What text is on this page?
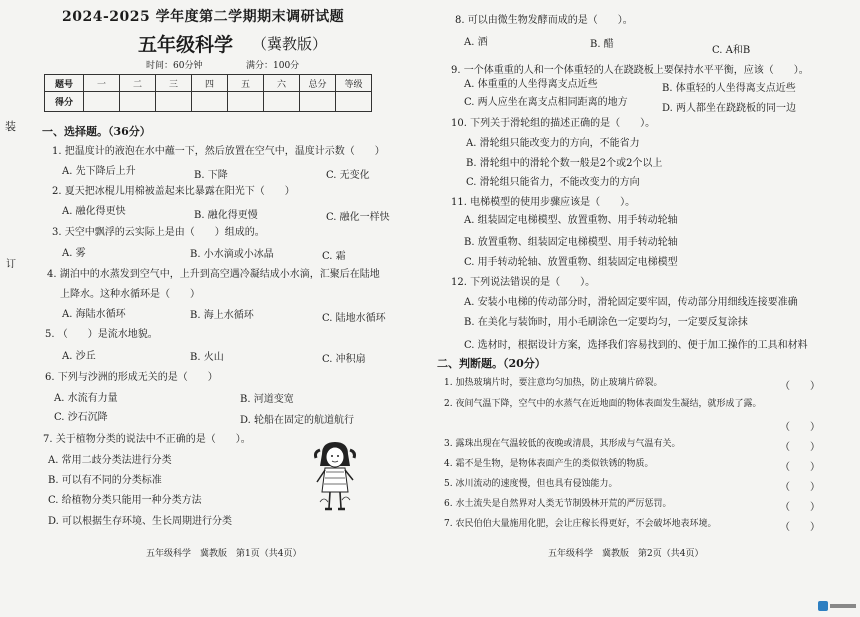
2024-2025 学年度第二学期期末调研试题
五年级科学 （冀教版）
时间：60分钟	满分：100分
题号	一	二	三	四	五	六	总分	等级
得分								
装
订
一、选择题。（36分）
1. 把温度计的液泡在水中蘸一下，然后放置在空气中，温度计示数（　　）
A. 先下降后上升	B. 下降	C. 无变化
2. 夏天把冰棍儿用棉被盖起来比暴露在阳光下（　　）
A. 融化得更快	B. 融化得更慢	C. 融化一样快
3. 天空中飘浮的云实际上是由（　　）组成的。
A. 雾	B. 小水滴或小冰晶	C. 霜
4. 湖泊中的水蒸发到空气中，上升到高空遇冷凝结成小水滴，汇聚后在陆地
上降水。这种水循环是（　　）
A. 海陆水循环	B. 海上水循环	C. 陆地水循环
5. （　　）是流水地貌。
A. 沙丘	B. 火山	C. 冲积扇
6. 下列与沙洲的形成无关的是（　　）
A. 水流有力量	B. 河道变宽
C. 沙石沉降	D. 轮船在固定的航道航行
7. 关于植物分类的说法中不正确的是（　　）。
A. 常用二歧分类法进行分类
B. 可以有不同的分类标准
C. 给植物分类只能用一种分类方法
D. 可以根据生存环境、生长周期进行分类
五年级科学　冀教版　第1页（共4页）
8. 可以由微生物发酵而成的是（　　）。
A. 酒	B. 醋
C. A和B
9. 一个体重重的人和一个体重轻的人在跷跷板上要保持水平平衡，应该（　　）。
A. 体重重的人坐得离支点近些	B. 体重轻的人坐得离支点近些
C. 两人应坐在离支点相同距离的地方
D. 两人都坐在跷跷板的同一边
10. 下列关于滑轮组的描述正确的是（　　）。
A. 滑轮组只能改变力的方向，不能省力
B. 滑轮组中的滑轮个数一般是2个或2个以上
C. 滑轮组只能省力，不能改变力的方向
11. 电梯模型的使用步骤应该是（　　）。
A. 组装固定电梯模型、放置重物、用手转动轮轴
B. 放置重物、组装固定电梯模型、用手转动轮轴
C. 用手转动轮轴、放置重物、组装固定电梯模型
12. 下列说法错误的是（　　）。
A. 安装小电梯的传动部分时，滑轮固定要牢固，传动部分用细线连接要准确
B. 在美化与装饰时，用小毛刷涂色一定要均匀，一定要反复涂抹
C. 选材时，根据设计方案，选择我们容易找到的、便于加工操作的工具和材料
二、判断题。（20分）
1. 加热玻璃片时，要注意均匀加热，防止玻璃片碎裂。	（　　）
2. 夜间气温下降，空气中的水蒸气在近地面的物体表面发生凝结，就形成了露。
（　　）
3. 露珠出现在气温较低的夜晚或清晨，其形成与气温有关。	（　　）
4. 霜不是生物，是物体表面产生的类似铁锈的物质。	（　　）
5. 冰川流动的速度慢，但也具有侵蚀能力。	（　　）
6. 水土流失是自然界对人类无节制毁林开荒的严厉惩罚。	（　　）
7. 农民伯伯大量施用化肥，会让庄稼长得更好，不会破坏地表环境。	（　　）
五年级科学　冀教版　第2页（共4页）
